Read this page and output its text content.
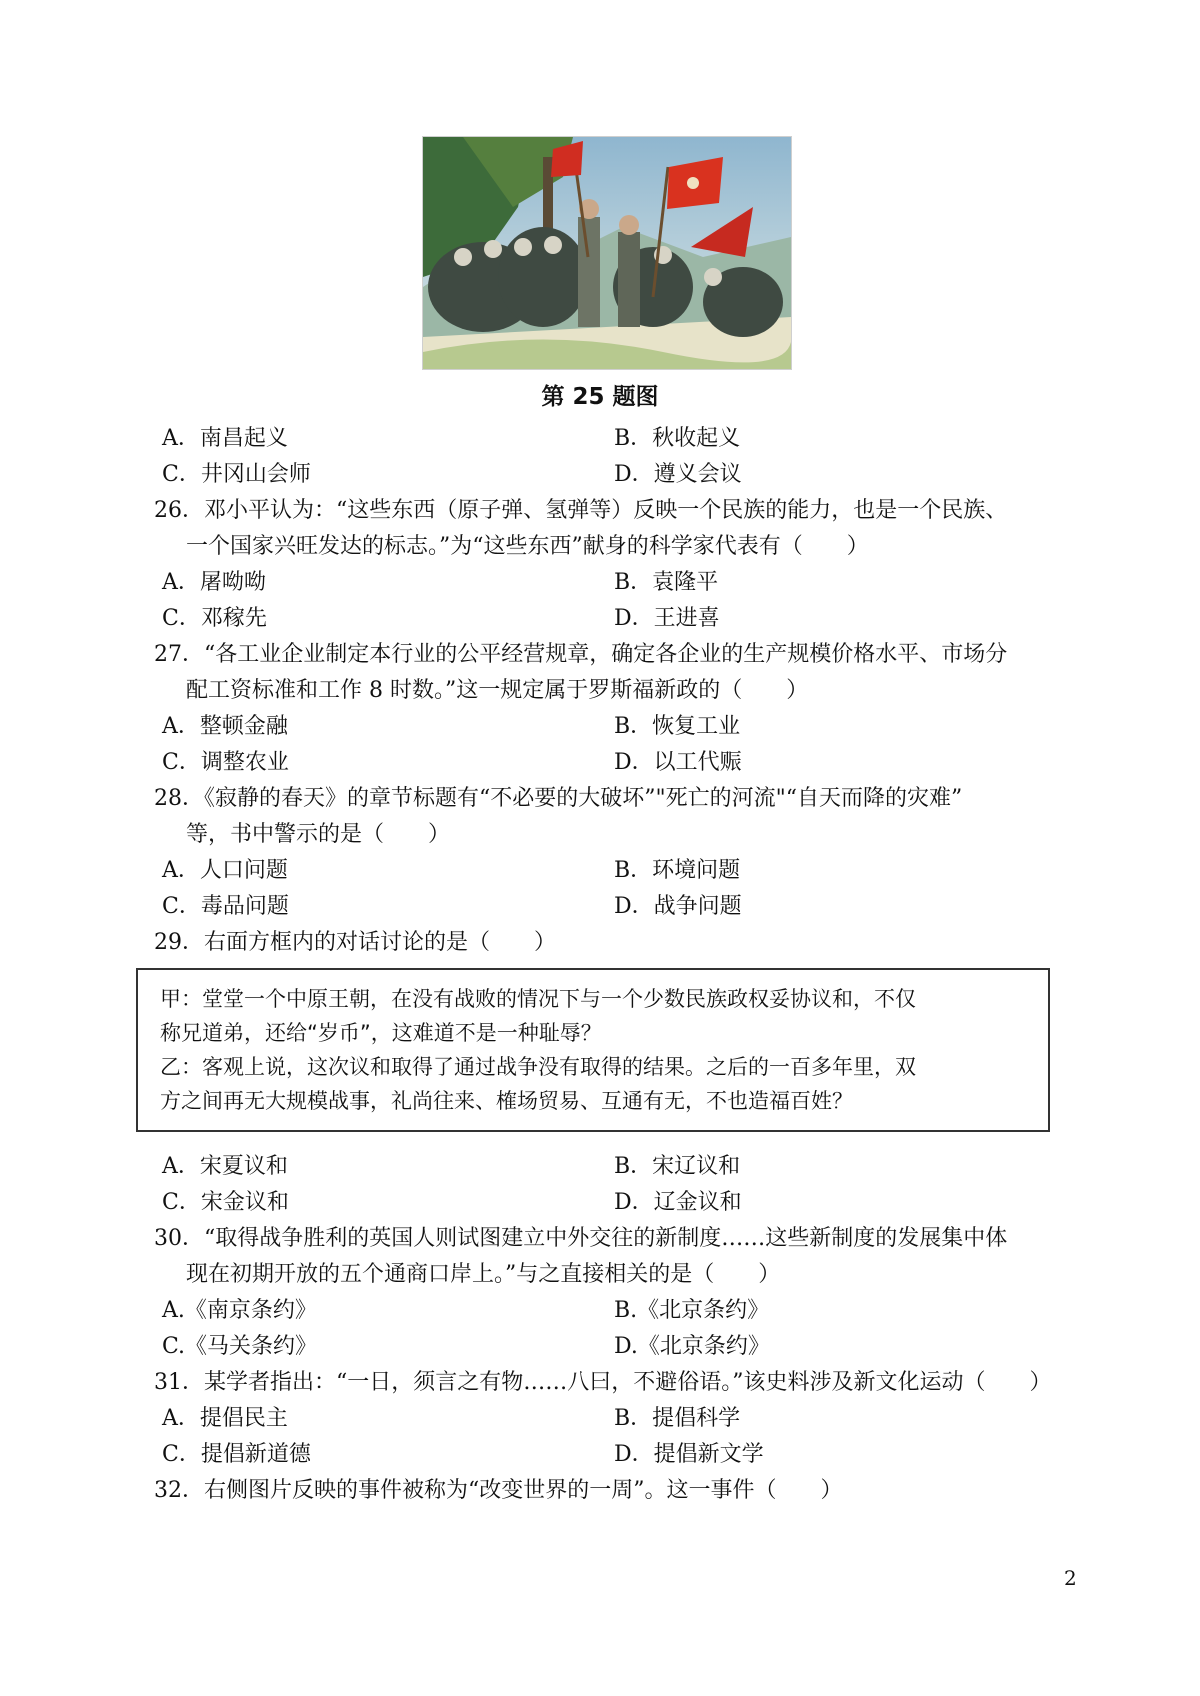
第 25 题图
A．南昌起义	B．秋收起义
C．井冈山会师	D．遵义会议
26．邓小平认为：“这些东西（原子弹、氢弹等）反映一个民族的能力，也是一个民族、
一个国家兴旺发达的标志。”为“这些东西”献身的科学家代表有（　　）
A．屠呦呦	B．袁隆平
C．邓稼先	D．王进喜
27．“各工业企业制定本行业的公平经营规章，确定各企业的生产规模价格水平、市场分
配工资标准和工作 8 时数。”这一规定属于罗斯福新政的（　　）
A．整顿金融	B．恢复工业
C．调整农业	D．以工代赈
28．《寂静的春天》的章节标题有“不必要的大破坏”"死亡的河流"“自天而降的灾难”
等，书中警示的是（　　）
A．人口问题	B．环境问题
C．毒品问题	D．战争问题
29．右面方框内的对话讨论的是（　　）
甲：堂堂一个中原王朝，在没有战败的情况下与一个少数民族政权妥协议和，不仅
称兄道弟，还给“岁币”，这难道不是一种耻辱？
乙：客观上说，这次议和取得了通过战争没有取得的结果。之后的一百多年里，双
方之间再无大规模战事，礼尚往来、榷场贸易、互通有无，不也造福百姓？
A．宋夏议和	B．宋辽议和
C．宋金议和	D．辽金议和
30．“取得战争胜利的英国人则试图建立中外交往的新制度……这些新制度的发展集中体
现在初期开放的五个通商口岸上。”与之直接相关的是（　　）
A.《南京条约》	B.《北京条约》
C.《马关条约》	D.《北京条约》
31．某学者指出：“一日，须言之有物……八曰，不避俗语。”该史料涉及新文化运动（　　）
A．提倡民主	B．提倡科学
C．提倡新道德	D．提倡新文学
32．右侧图片反映的事件被称为“改变世界的一周”。这一事件（　　）
2
